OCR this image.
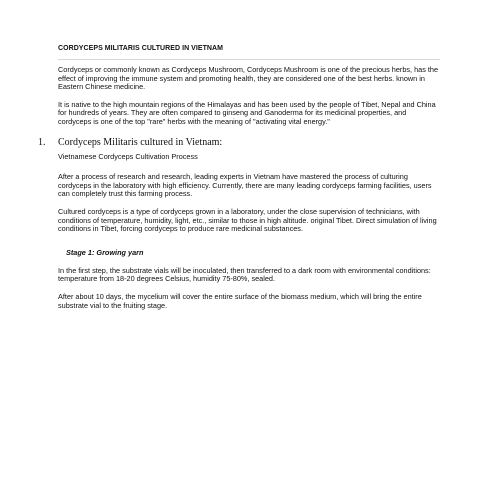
CORDYCEPS MILITARIS CULTURED IN VIETNAM

Cordyceps or commonly known as Cordyceps Mushroom, Cordyceps Mushroom is one of the precious herbs, has the effect of improving the immune system and promoting health, they are considered one of the best herbs. known in Eastern Chinese medicine.

It is native to the high mountain regions of the Himalayas and has been used by the people of Tibet, Nepal and China for hundreds of years. They are often compared to ginseng and Ganoderma for its medicinal properties, and cordyceps is one of the top "rare" herbs with the meaning of "activating vital energy."

1.	Cordyceps Militaris cultured in Vietnam:
Vietnamese Cordyceps Cultivation Process

After a process of research and research, leading experts in Vietnam have mastered the process of culturing cordyceps in the laboratory with high efficiency. Currently, there are many leading cordyceps farming facilities, users can completely trust this farming process.

Cultured cordyceps is a type of cordyceps grown in a laboratory, under the close supervision of technicians, with conditions of temperature, humidity, light, etc., similar to those in high altitude. original Tibet. Direct simulation of living conditions in Tibet, forcing cordyceps to produce rare medicinal substances.

Stage 1: Growing yarn

In the first step, the substrate vials will be inoculated, then transferred to a dark room with environmental conditions: temperature from 18-20 degrees Celsius, humidity 75-80%, sealed.

After about 10 days, the mycelium will cover the entire surface of the biomass medium, which will bring the entire substrate vial to the fruiting stage.
